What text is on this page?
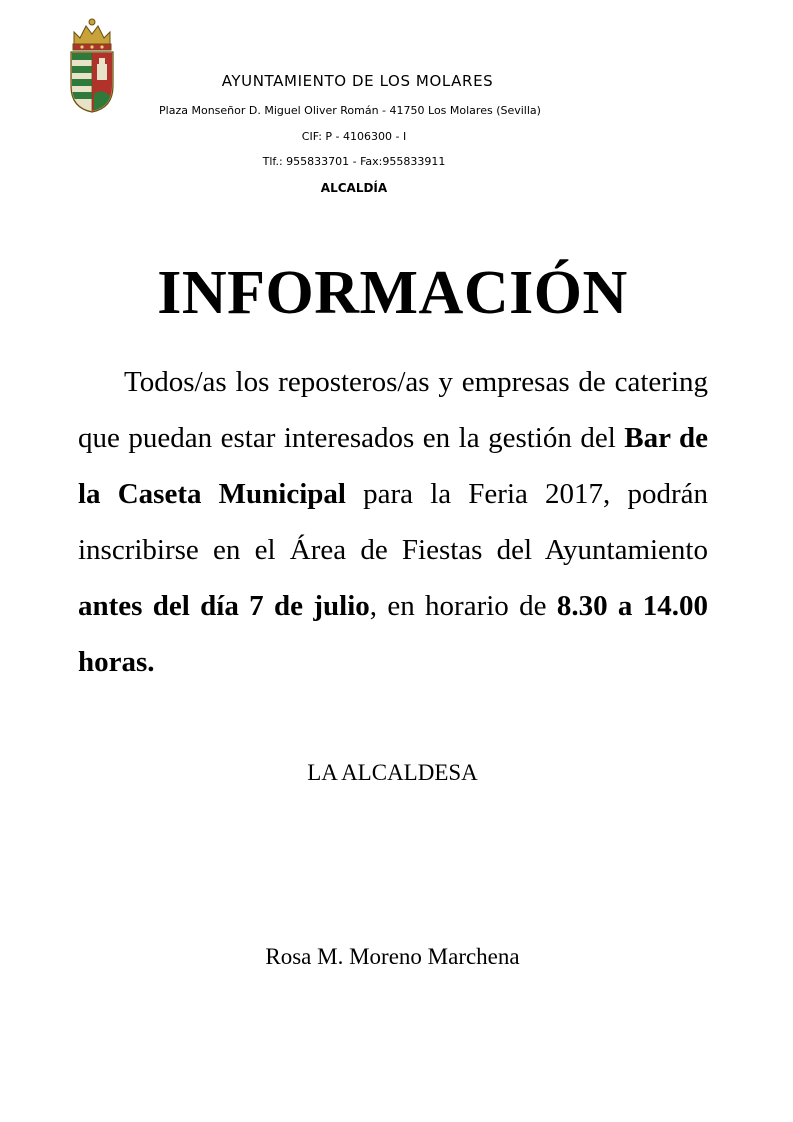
AYUNTAMIENTO DE LOS MOLARES
Plaza Monseñor D. Miguel Oliver Román - 41750 Los Molares (Sevilla)
CIF: P - 4106300 - I
Tlf.: 955833701 - Fax:955833911
ALCALDÍA
INFORMACIÓN

Todos/as los reposteros/as y empresas de catering que puedan estar interesados en la gestión del Bar de la Caseta Municipal para la Feria 2017, podrán inscribirse en el Área de Fiestas del Ayuntamiento antes del día 7 de julio, en horario de 8.30 a 14.00 horas.

LA ALCALDESA
Rosa M. Moreno Marchena
